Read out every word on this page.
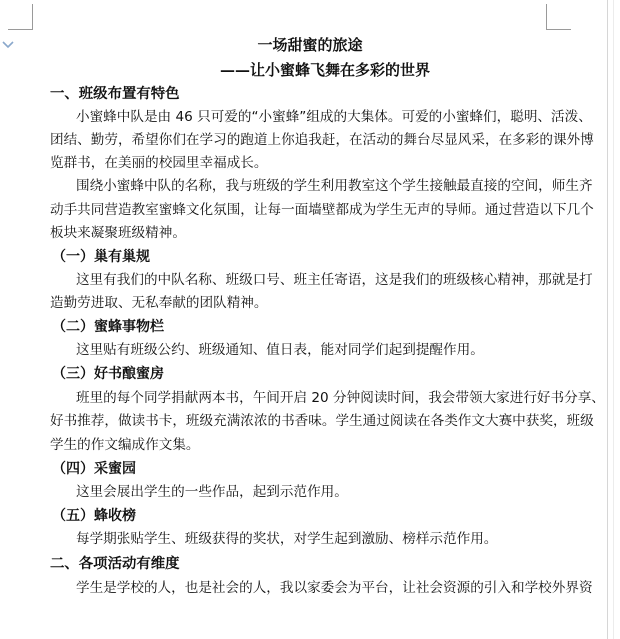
一场甜蜜的旅途
——让小蜜蜂飞舞在多彩的世界
一、班级布置有特色
小蜜蜂中队是由 46 只可爱的“小蜜蜂”组成的大集体。可爱的小蜜蜂们，聪明、活泼、
团结、勤劳，希望你们在学习的跑道上你追我赶，在活动的舞台尽显风采，在多彩的课外博
览群书，在美丽的校园里幸福成长。
围绕小蜜蜂中队的名称，我与班级的学生利用教室这个学生接触最直接的空间，师生齐
动手共同营造教室蜜蜂文化氛围，让每一面墙壁都成为学生无声的导师。通过营造以下几个
板块来凝聚班级精神。
（一）巢有巢规
这里有我们的中队名称、班级口号、班主任寄语，这是我们的班级核心精神，那就是打
造勤劳进取、无私奉献的团队精神。
（二）蜜蜂事物栏
这里贴有班级公约、班级通知、值日表，能对同学们起到提醒作用。
（三）好书酿蜜房
班里的每个同学捐献两本书，午间开启 20 分钟阅读时间，我会带领大家进行好书分享、
好书推荐，做读书卡，班级充满浓浓的书香味。学生通过阅读在各类作文大赛中获奖，班级
学生的作文编成作文集。
（四）采蜜园
这里会展出学生的一些作品，起到示范作用。
（五）蜂收榜
每学期张贴学生、班级获得的奖状，对学生起到激励、榜样示范作用。
二、各项活动有维度
学生是学校的人，也是社会的人，我以家委会为平台，让社会资源的引入和学校外界资
